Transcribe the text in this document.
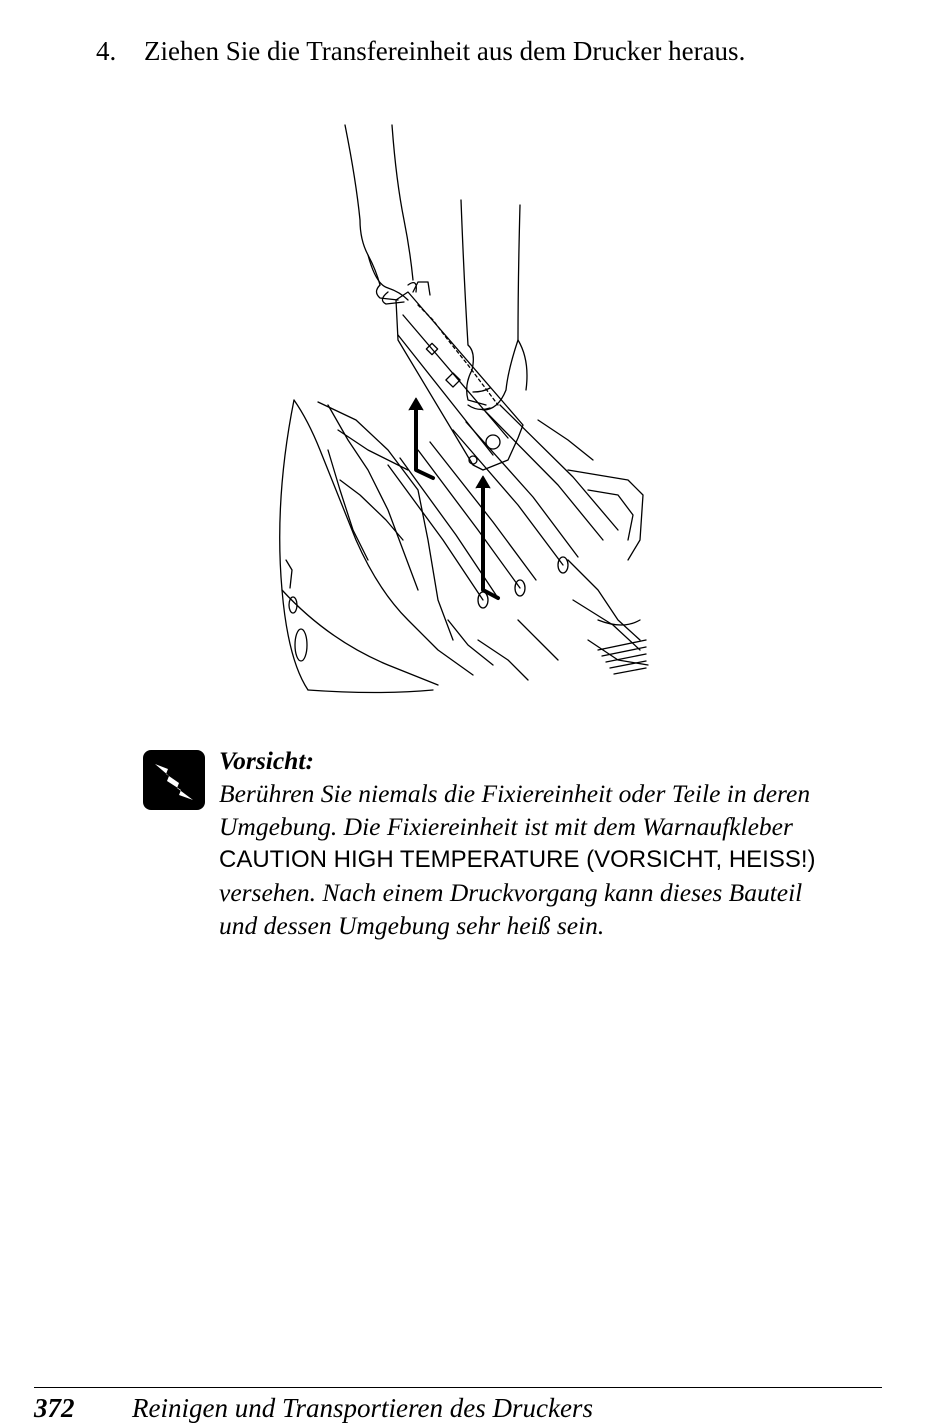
4. Ziehen Sie die Transfereinheit aus dem Drucker heraus.
Vorsicht:
Berühren Sie niemals die Fixiereinheit oder Teile in deren
Umgebung. Die Fixiereinheit ist mit dem Warnaufkleber
CAUTION HIGH TEMPERATURE (VORSICHT, HEISS!)
versehen. Nach einem Druckvorgang kann dieses Bauteil
und dessen Umgebung sehr heiß sein.
372 Reinigen und Transportieren des Druckers
